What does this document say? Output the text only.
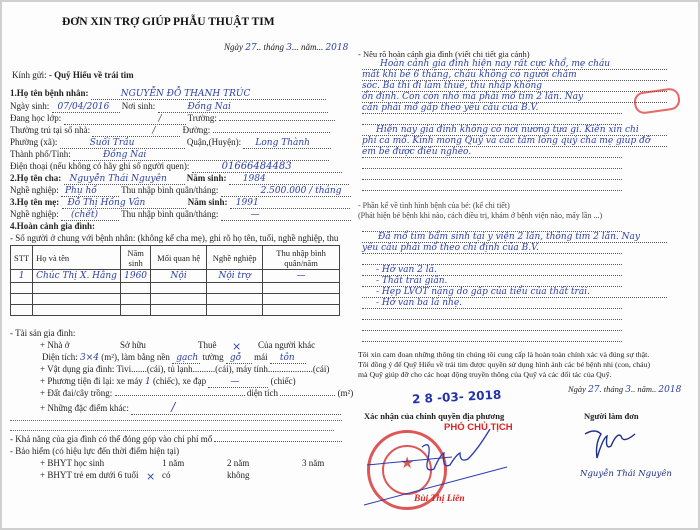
ĐƠN XIN TRỢ GIÚP PHẪU THUẬT TIM
Ngày 27.. tháng 3... năm... 2018
Kính gửi: - Quỹ Hiểu về trái tim
1.Họ tên bệnh nhân:	NGUYỄN ĐỖ THANH TRÚC
Ngày sinh: 07/04/2016 Nơi sinh:	Đồng Nai
Đang học lớp:	/	Trường:
Thường trú tại số nhà:	/	Đường:
Phường (xã):	Suối Trầu	Quận,(Huyện): Long Thành
Thành phố/Tỉnh:	Đồng Nai
Điện thoại (nếu không có hãy ghi số người quen):	01666484483
2.Họ tên cha: Nguyễn Thái Nguyên Năm sinh: 1984
Nghề nghiệp: Phụ hồ	Thu nhập bình quân/tháng:	2.500.000 / tháng
3.Họ tên mẹ: Đỗ Thị Hồng Vân	Năm sinh: 1991
Nghề nghiệp: (chết)	Thu nhập bình quân/tháng:	—
4.Hoàn cảnh gia đình:
- Số người ở chung với bệnh nhân: (không kể cha mẹ), ghi rõ họ tên, tuổi, nghề nghiệp, thu
STT	Họ và tên	Năm sinh	Mối quan hệ	Nghề nghiệp	Thu nhập bình quân/năm
1	Chúc Thị X. Hằng	1960	Nội	Nội trợ	—

- Tài sản gia đình:
+ Nhà ở	Sở hữu	Thuê × Của người khác
Diện tích: 3×4 (m²), làm bằng nền gạch tường gỗ mái tôn
+ Vật dụng gia đình: Tivi.......(cái), tủ lạnh..........(cái), máy tính....................(cái)
+ Phương tiện đi lại: xe máy 1 (chiếc), xe đạp	—	(chiếc)
+ Đất đai/cây trồng:	diện tích	(m²)
+ Những đặc điểm khác:	/
- Khả năng của gia đình có thể đóng góp vào chi phí mổ
- Bảo hiểm (có hiệu lực đến thời điểm hiện tại)
+ BHYT học sinh	1 năm	2 năm	3 năm
+ BHYT trẻ em dưới 6 tuổi × có	không
- Nêu rõ hoàn cảnh gia đình (viết chi tiết gia cảnh)
Hoàn cảnh gia đình hiện nay rất cực khổ, mẹ cháu
mất khi bé 6 tháng, cháu không có người chăm
sóc. Ba thì đi làm thuê, thu nhập không
ổn định. Con còn nhỏ mà phải mổ tim 2 lần. Nay
cần phải mổ gấp theo yêu cầu của B.V.
Hiện nay gia đình không có nơi nương tựa gì. Kiến xin chi
phí ca mổ. Kính mong Quỹ và các tấm lòng quý cha mẹ giúp đỡ
em bé được điều nghèo.
- Phần kể về tình hình bệnh của bé: (kể chi tiết)
(Phát hiện bé bệnh khi nào, cách điều trị, khám ở bệnh viện nào, mấy lần ...)
Đã mổ tim bẩm sinh tại y viện 2 lần, thông tim 2 lần. Nay
yêu cầu phải mổ theo chỉ định của B.V.
- Hở van 2 lá.
- Thất trái giãn.
- Hẹp LVOT nặng do gấp của tiểu của thất trái.
- Hở van ba lá nhẹ.
Tôi xin cam đoan những thông tin chúng tôi cung cấp là hoàn toàn chính xác và đúng sự thật.
Tôi đồng ý để Quỹ Hiểu về trái tim được quyền sử dụng hình ảnh các bé bệnh nhi (con, cháu)
mà Quỹ giúp đỡ cho các hoạt động truyền thông của Quỹ và các đối tác của Quỹ.
Ngày 27. tháng 3.. năm.. 2018
2 8 -03- 2018
Xác nhận của chính quyền địa phương	Người làm đơn
★
PHÓ CHỦ TỊCH
Bùi Thị Liên
Nguyễn Thái Nguyên
